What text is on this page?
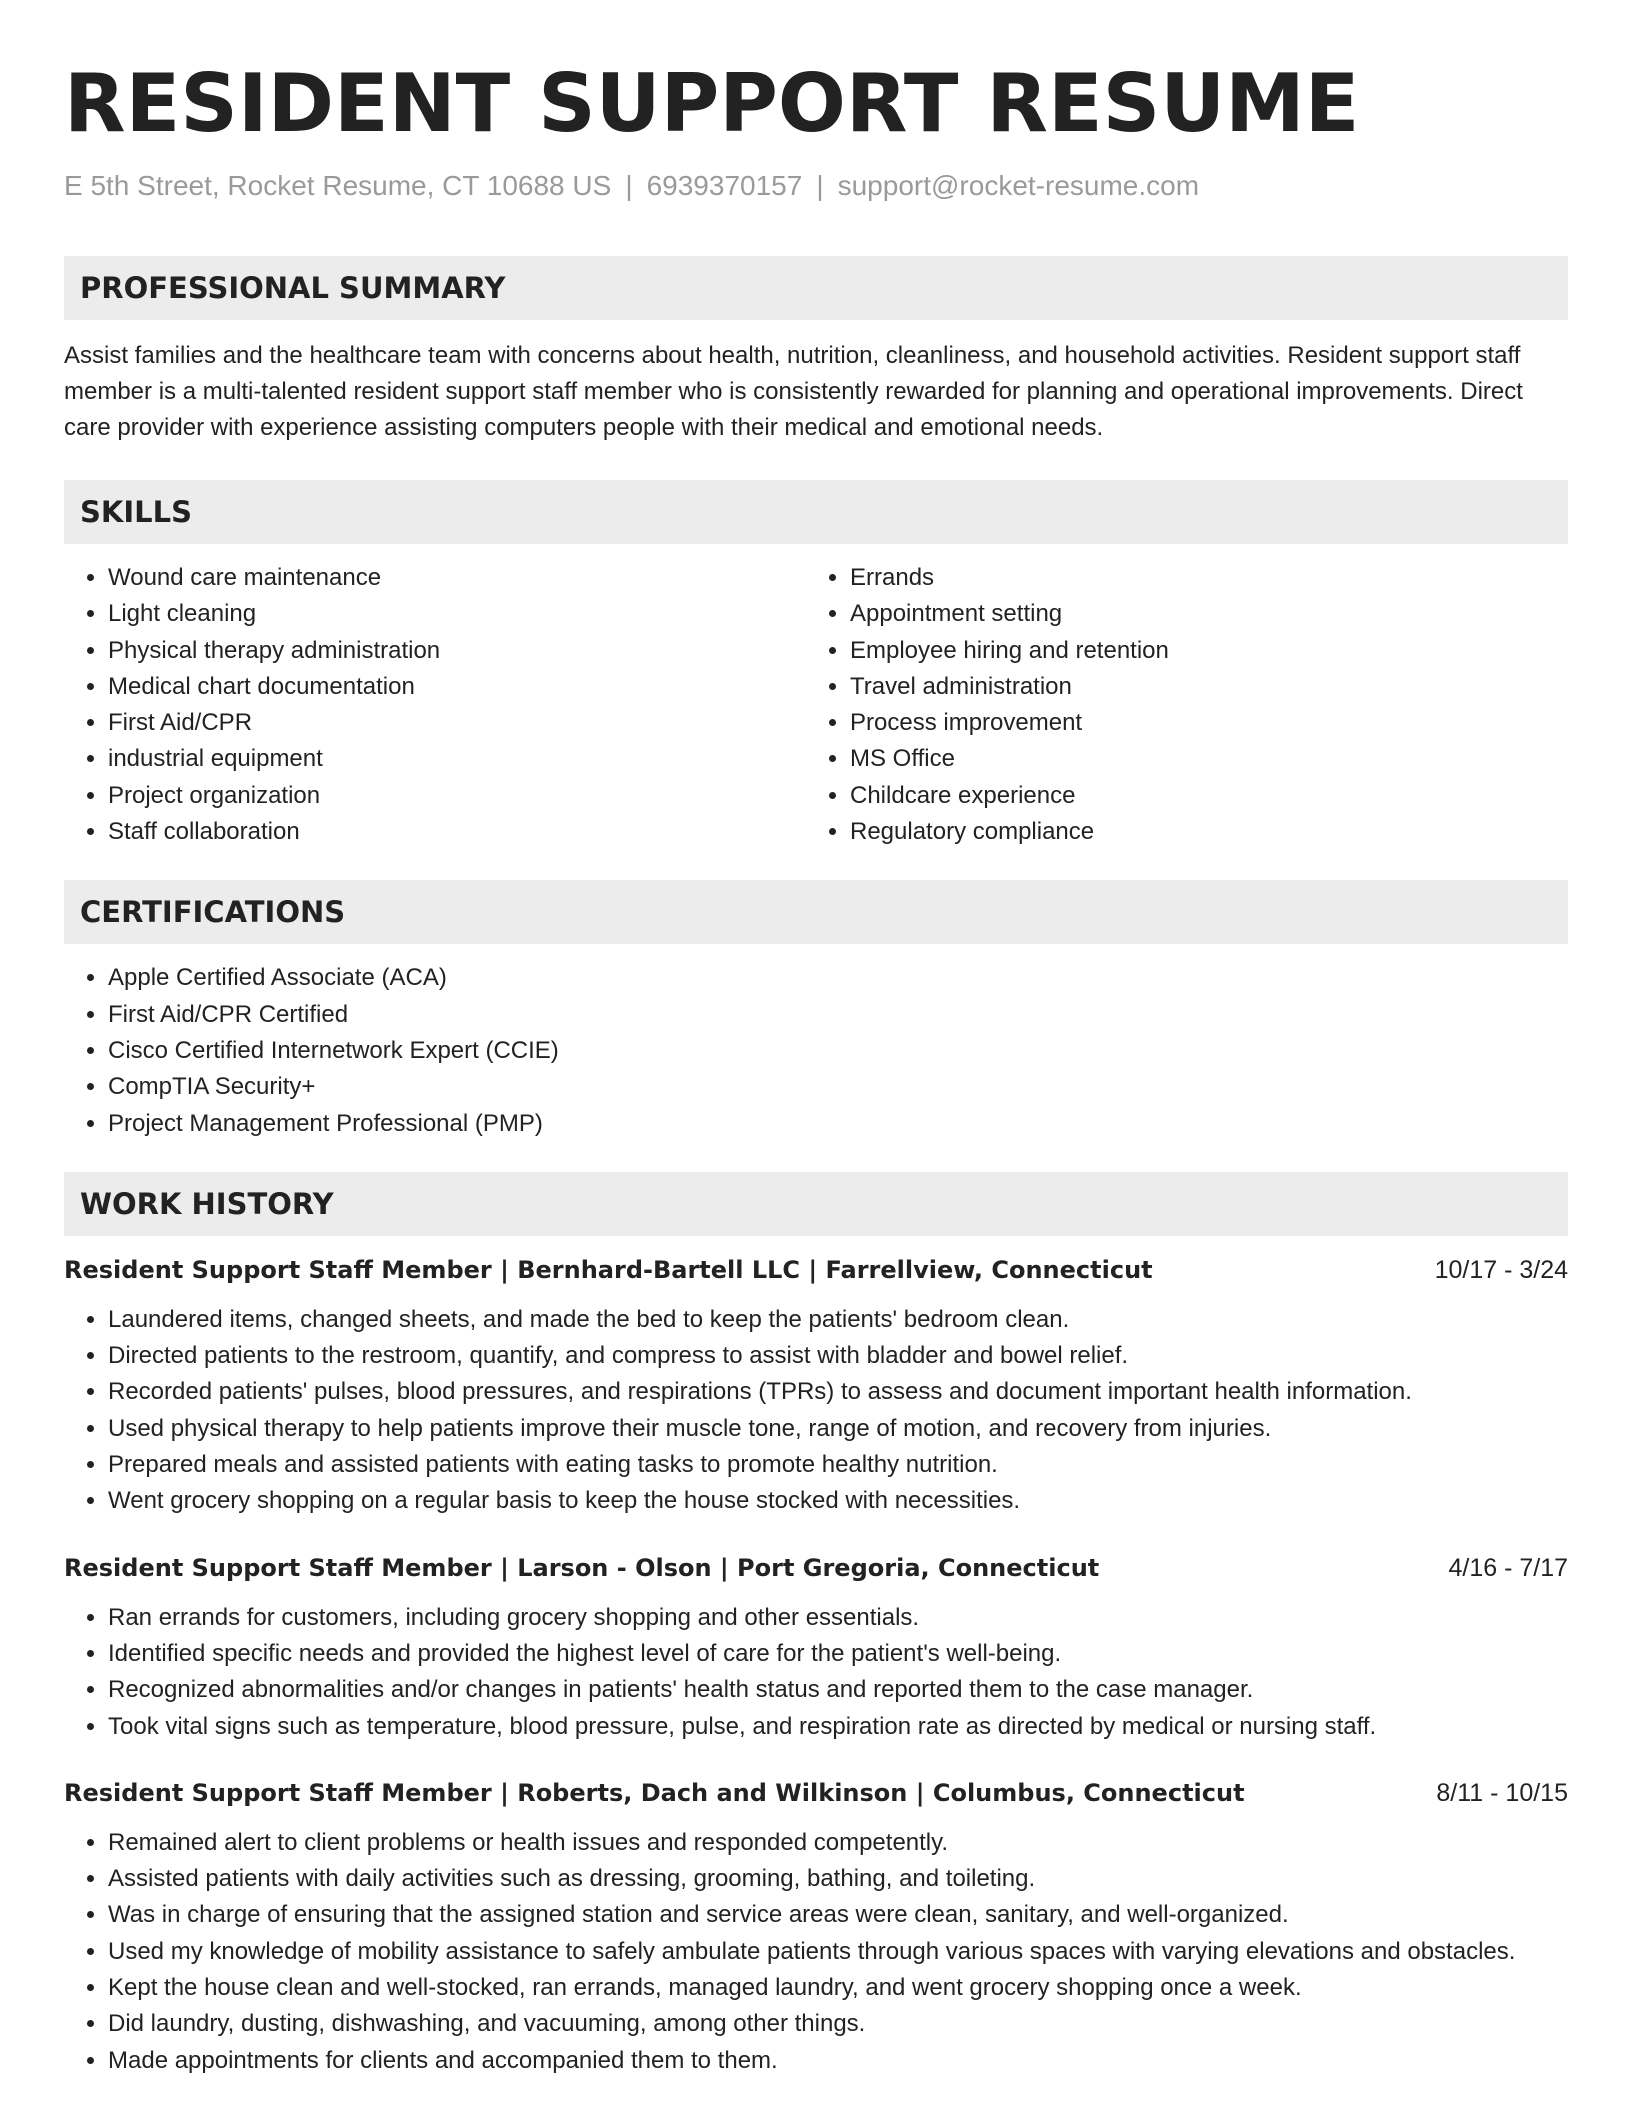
RESIDENT SUPPORT RESUME
E 5th Street, Rocket Resume, CT 10688 US | 6939370157 | support@rocket-resume.com
PROFESSIONAL SUMMARY

Assist families and the healthcare team with concerns about health, nutrition, cleanliness, and household activities. Resident support staff member is a multi-talented resident support staff member who is consistently rewarded for planning and operational improvements. Direct care provider with experience assisting computers people with their medical and emotional needs.

SKILLS
• Wound care maintenance
• Light cleaning
• Physical therapy administration
• Medical chart documentation
• First Aid/CPR
• industrial equipment
• Project organization
• Staff collaboration
• Errands
• Appointment setting
• Employee hiring and retention
• Travel administration
• Process improvement
• MS Office
• Childcare experience
• Regulatory compliance
CERTIFICATIONS
• Apple Certified Associate (ACA)
• First Aid/CPR Certified
• Cisco Certified Internetwork Expert (CCIE)
• CompTIA Security+
• Project Management Professional (PMP)
WORK HISTORY
Resident Support Staff Member | Bernhard-Bartell LLC | Farrellview, Connecticut	10/17 - 3/24
• Laundered items, changed sheets, and made the bed to keep the patients' bedroom clean.
• Directed patients to the restroom, quantify, and compress to assist with bladder and bowel relief.
• Recorded patients' pulses, blood pressures, and respirations (TPRs) to assess and document important health information.
• Used physical therapy to help patients improve their muscle tone, range of motion, and recovery from injuries.
• Prepared meals and assisted patients with eating tasks to promote healthy nutrition.
• Went grocery shopping on a regular basis to keep the house stocked with necessities.
Resident Support Staff Member | Larson - Olson | Port Gregoria, Connecticut	4/16 - 7/17
• Ran errands for customers, including grocery shopping and other essentials.
• Identified specific needs and provided the highest level of care for the patient's well-being.
• Recognized abnormalities and/or changes in patients' health status and reported them to the case manager.
• Took vital signs such as temperature, blood pressure, pulse, and respiration rate as directed by medical or nursing staff.
Resident Support Staff Member | Roberts, Dach and Wilkinson | Columbus, Connecticut	8/11 - 10/15
• Remained alert to client problems or health issues and responded competently.
• Assisted patients with daily activities such as dressing, grooming, bathing, and toileting.
• Was in charge of ensuring that the assigned station and service areas were clean, sanitary, and well-organized.
• Used my knowledge of mobility assistance to safely ambulate patients through various spaces with varying elevations and obstacles.
• Kept the house clean and well-stocked, ran errands, managed laundry, and went grocery shopping once a week.
• Did laundry, dusting, dishwashing, and vacuuming, among other things.
• Made appointments for clients and accompanied them to them.
